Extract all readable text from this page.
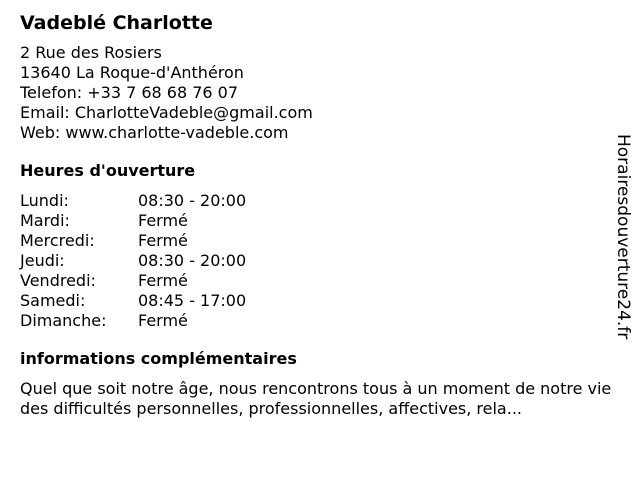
Vadeblé Charlotte
2 Rue des Rosiers
13640 La Roque-d'Anthéron
Telefon: +33 7 68 68 76 07
Email: CharlotteVadeble@gmail.com
Web: www.charlotte-vadeble.com
Heures d'ouverture
Lundi:	08:30 - 20:00
Mardi:	Fermé
Mercredi:	Fermé
Jeudi:	08:30 - 20:00
Vendredi:	Fermé
Samedi:	08:45 - 17:00
Dimanche: Fermé
informations complémentaires
Quel que soit notre âge, nous rencontrons tous à un moment de notre vie des difficultés personnelles, professionnelles, affectives, rela...
Horairesdouverture24.fr
